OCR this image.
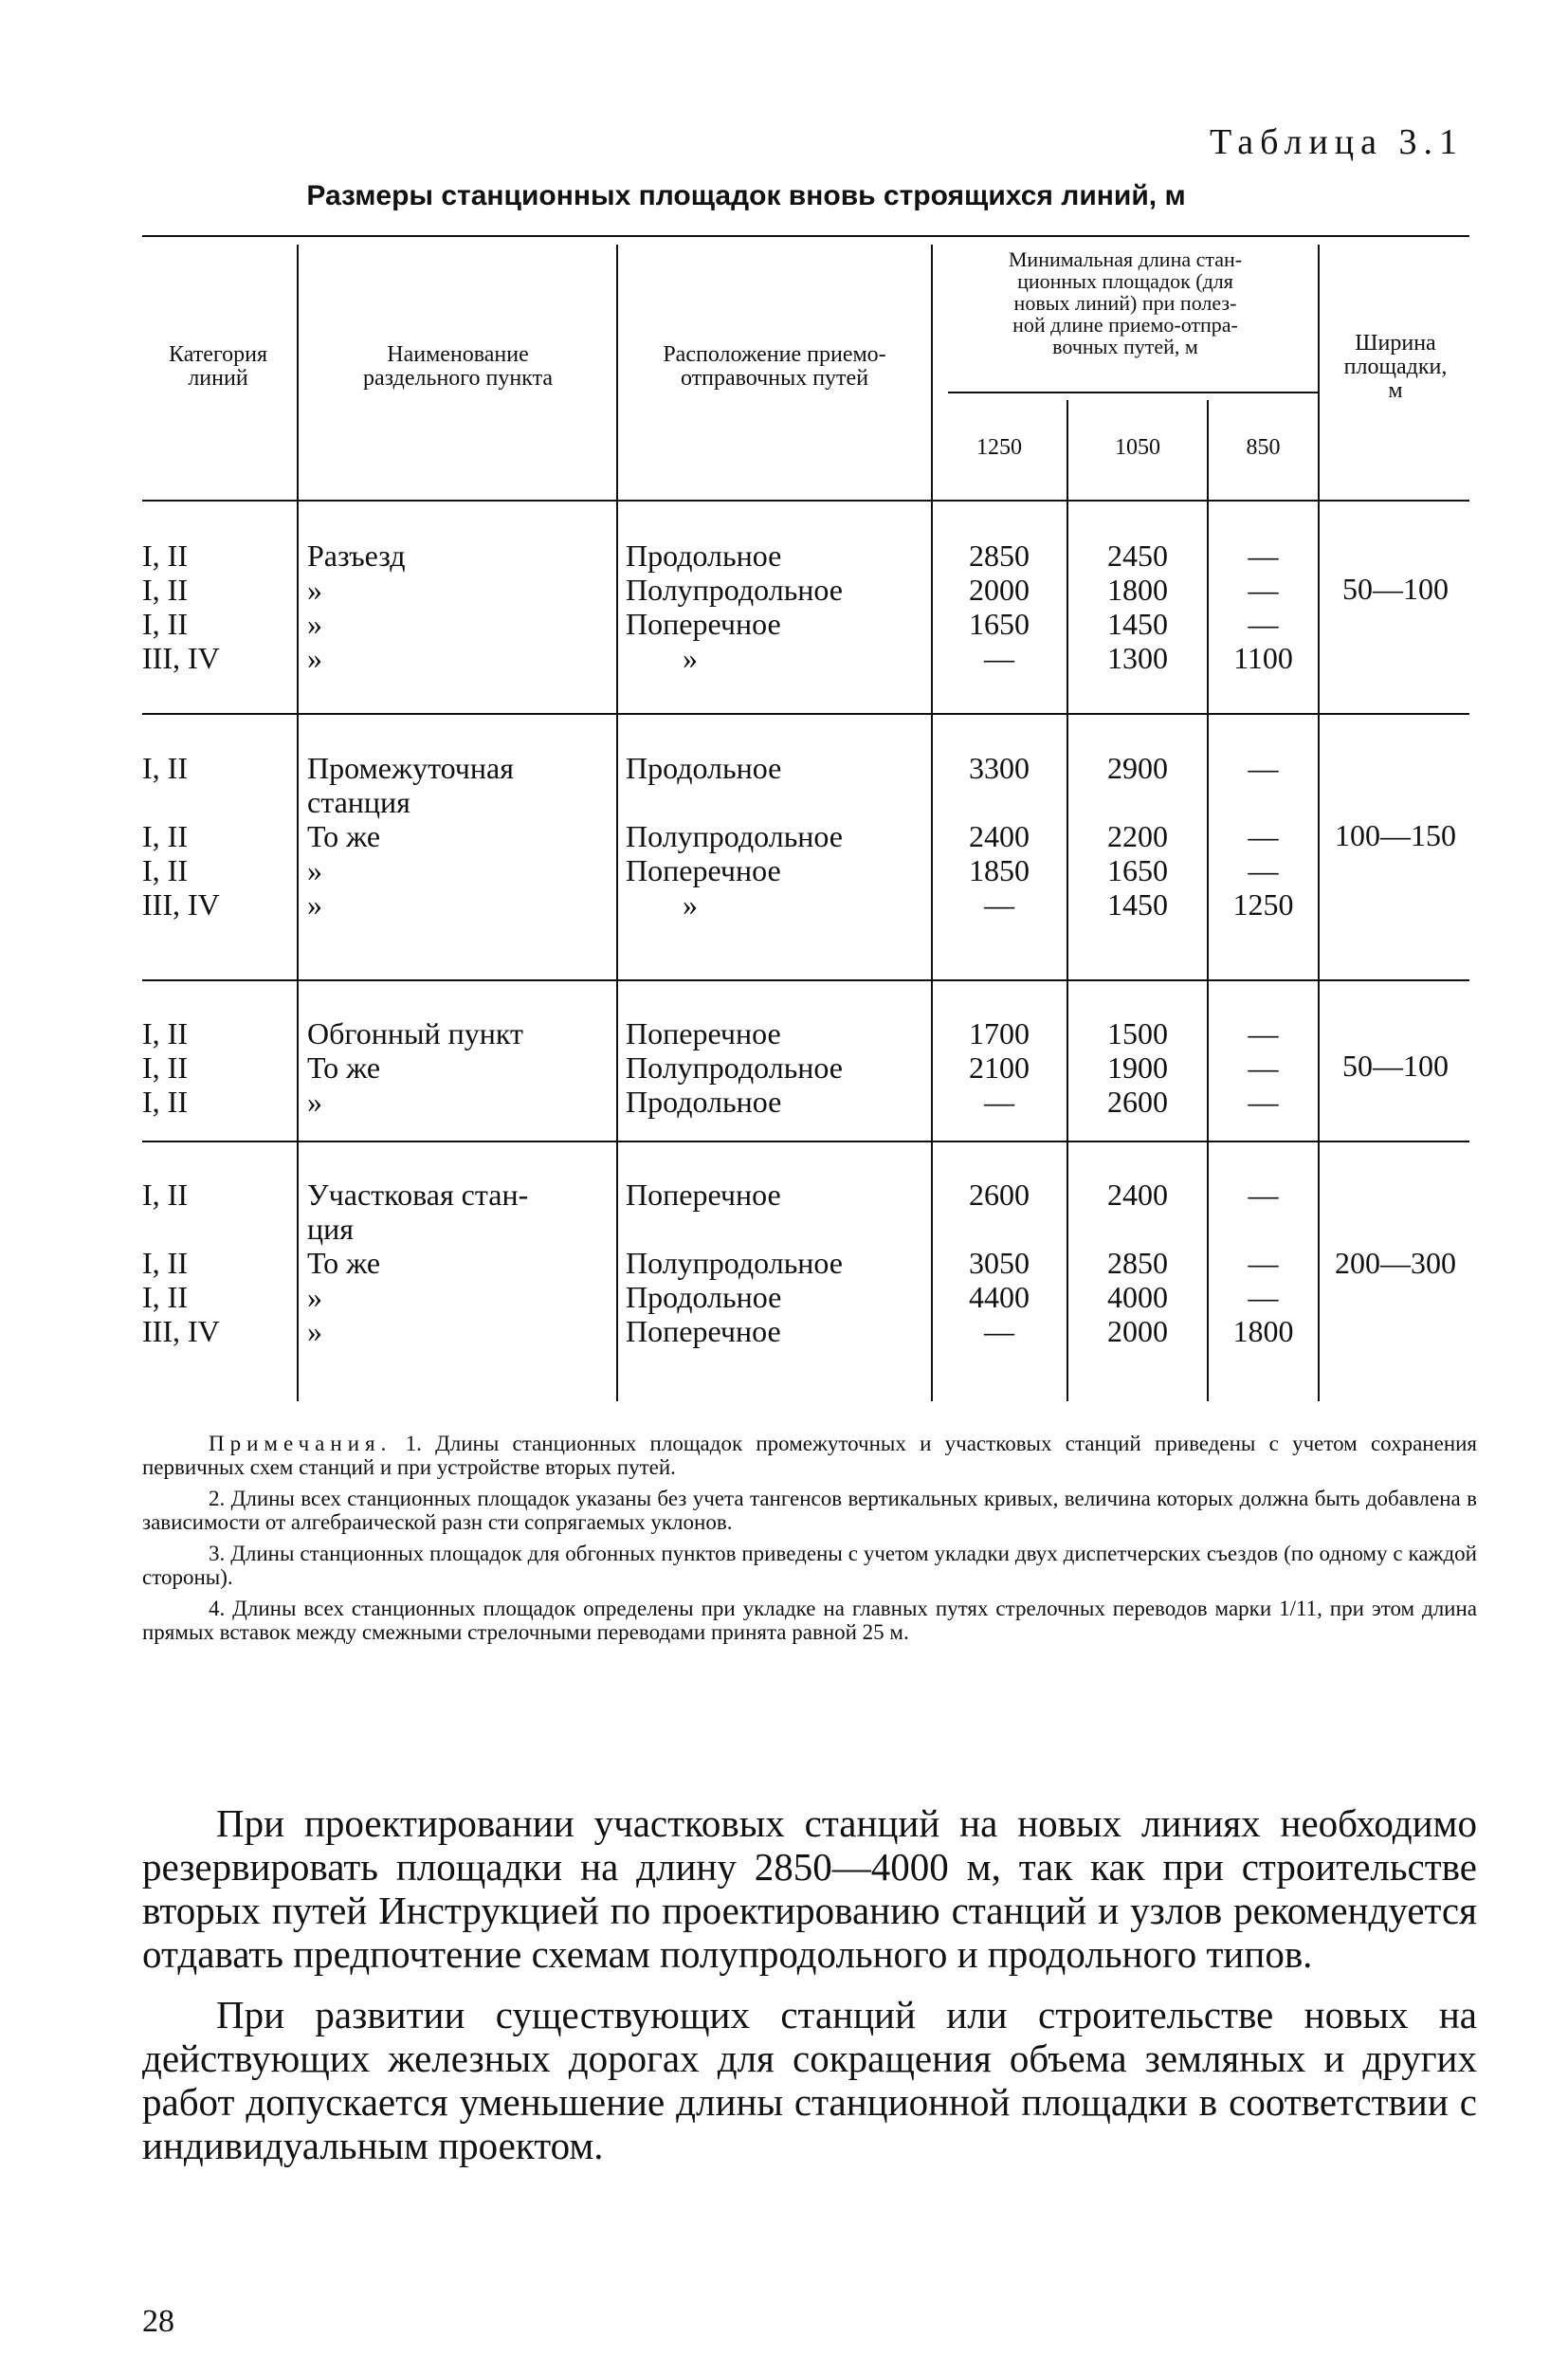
Таблица 3.1
Размеры станционных площадок вновь строящихся линий, м
Категория
линий
Наименование
раздельного пункта
Расположение приемо-
отправочных путей
Минимальная длина стан-
ционных площадок (для
новых линий) при полез-
ной длине приемо-отпра-
вочных путей, м
1250	1050	850
Ширина
площадки,
м
I, II
I, II
I, II
III, IV
Разъезд
»
»
»
Продольное
Полупродольное
Поперечное
»
2850
2000
1650
—
2450
1800
1450
1300
—
—
—
1100
50—100
I, II
I, II
I, II
III, IV
Промежуточная
станция
То же
»
»
Продольное
Полупродольное
Поперечное
»
3300
2400
1850
—
2900
2200
1650
1450
—
—
—
1250
100—150
I, II
I, II
I, II
Обгонный пункт
То же
»
Поперечное
Полупродольное
Продольное
1700
2100
—
1500
1900
2600
—
—
—
50—100
I, II
I, II
I, II
III, IV
Участковая стан-
ция
То же
»
»
Поперечное
Полупродольное
Продольное
Поперечное
2600
3050
4400
—
2400
2850
4000
2000
—
—
—
1800
200—300

Примечания. 1. Длины станционных площадок промежуточных и участковых станций приведены с учетом сохранения первичных схем станций и при устройстве вторых путей.

2. Длины всех станционных площадок указаны без учета тангенсов вертикальных кривых, величина которых должна быть добавлена в зависимости от алгебраической разн сти сопрягаемых уклонов.

3. Длины станционных площадок для обгонных пунктов приведены с учетом укладки двух диспетчерских съездов (по одному с каждой стороны).

4. Длины всех станционных площадок определены при укладке на главных путях стрелочных переводов марки 1/11, при этом длина прямых вставок между смежными стрелочными переводами принята равной 25 м.

При проектировании участковых станций на новых линиях необходимо резервировать площадки на длину 2850—4000 м, так как при строительстве вторых путей Инструкцией по проектированию станций и узлов рекомендуется отдавать предпочтение схемам полупродольного и продольного типов.

При развитии существующих станций или строительстве новых на действующих железных дорогах для сокращения объема земляных и других работ допускается уменьшение длины станционной площадки в соответствии с индивидуальным проектом.

28
